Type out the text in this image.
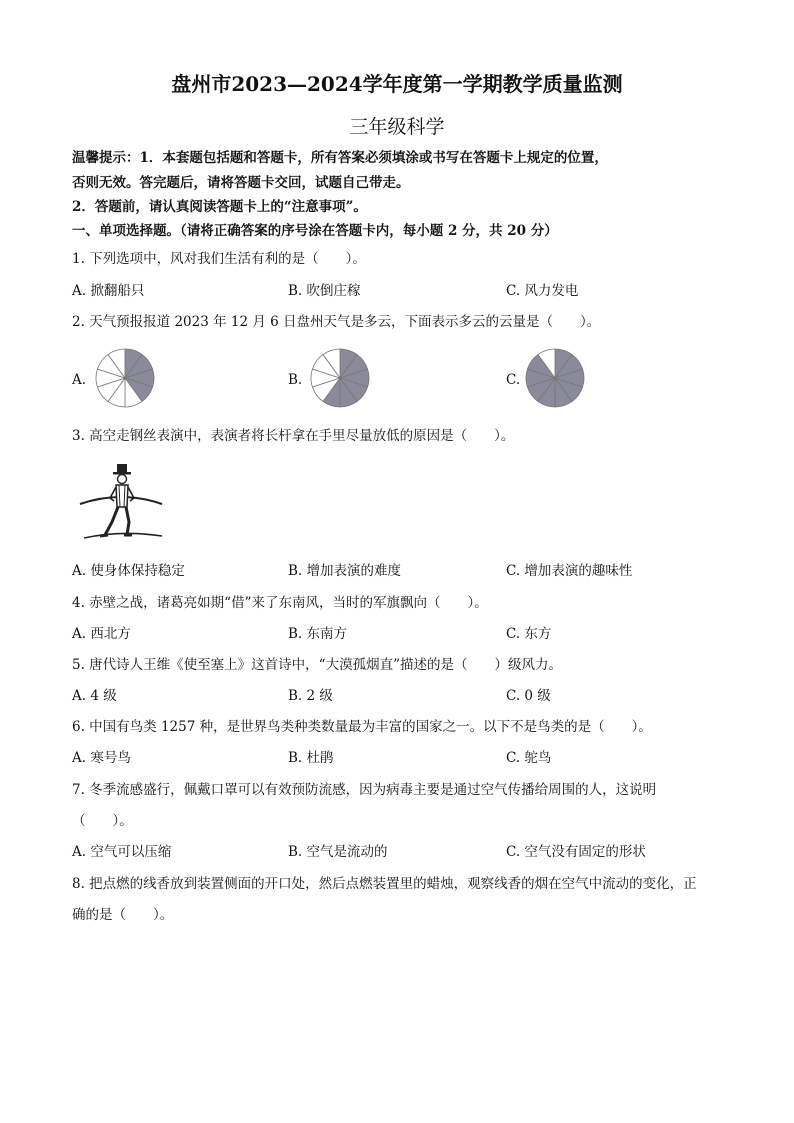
盘州市2023—2024学年度第一学期教学质量监测
三年级科学
温馨提示：1．本套题包括题和答题卡，所有答案必须填涂或书写在答题卡上规定的位置，
否则无效。答完题后，请将答题卡交回，试题自己带走。
2．答题前，请认真阅读答题卡上的“注意事项”。
一、单项选择题。（请将正确答案的序号涂在答题卡内，每小题 2 分，共 20 分）
1. 下列选项中，风对我们生活有利的是（　　）。
A. 掀翻船只	B. 吹倒庄稼	C. 风力发电
2. 天气预报报道 2023 年 12 月 6 日盘州天气是多云，下面表示多云的云量是（　　）。
A.	B.	C.
3. 高空走钢丝表演中，表演者将长杆拿在手里尽量放低的原因是（　　）。
A. 使身体保持稳定	B. 增加表演的难度	C. 增加表演的趣味性
4. 赤壁之战，诸葛亮如期“借”来了东南风，当时的军旗飘向（　　）。
A. 西北方	B. 东南方	C. 东方
5. 唐代诗人王维《使至塞上》这首诗中，“大漠孤烟直”描述的是（　　）级风力。
A. 4 级	B. 2 级	C. 0 级
6. 中国有鸟类 1257 种，是世界鸟类种类数量最为丰富的国家之一。以下不是鸟类的是（　　）。
A. 寒号鸟	B. 杜鹃	C. 鸵鸟
7. 冬季流感盛行，佩戴口罩可以有效预防流感，因为病毒主要是通过空气传播给周围的人，这说明
（　　）。
A. 空气可以压缩	B. 空气是流动的	C. 空气没有固定的形状
8. 把点燃的线香放到装置侧面的开口处，然后点燃装置里的蜡烛，观察线香的烟在空气中流动的变化，正
确的是（　　）。
